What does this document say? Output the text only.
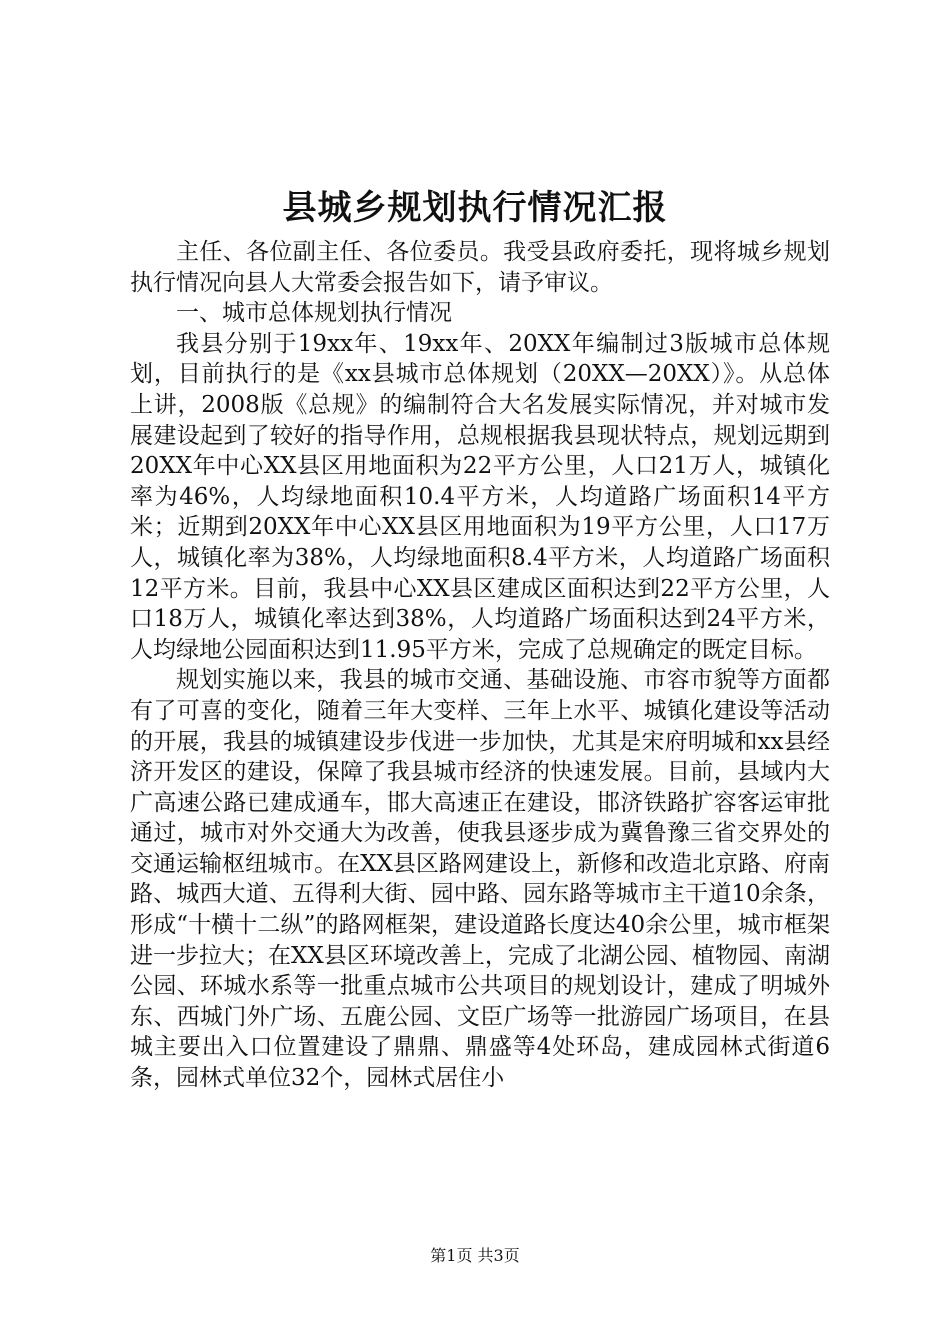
县城乡规划执行情况汇报

主任、各位副主任、各位委员。我受县政府委托，现将城乡规划执行情况向县人大常委会报告如下，请予审议。

一、城市总体规划执行情况

我县分别于19xx年、19xx年、20XX年编制过3版城市总体规划，目前执行的是《xx县城市总体规划（20XX—20XX）》。从总体上讲，2008版《总规》的编制符合大名发展实际情况，并对城市发展建设起到了较好的指导作用，总规根据我县现状特点，规划远期到20XX年中心XX县区用地面积为22平方公里，人口21万人，城镇化率为46%，人均绿地面积10.4平方米，人均道路广场面积14平方米；近期到20XX年中心XX县区用地面积为19平方公里，人口17万人，城镇化率为38%，人均绿地面积8.4平方米，人均道路广场面积12平方米。目前，我县中心XX县区建成区面积达到22平方公里，人口18万人，城镇化率达到38%，人均道路广场面积达到24平方米，人均绿地公园面积达到11.95平方米，完成了总规确定的既定目标。

规划实施以来，我县的城市交通、基础设施、市容市貌等方面都有了可喜的变化，随着三年大变样、三年上水平、城镇化建设等活动的开展，我县的城镇建设步伐进一步加快，尤其是宋府明城和xx县经济开发区的建设，保障了我县城市经济的快速发展。目前，县域内大广高速公路已建成通车，邯大高速正在建设，邯济铁路扩容客运审批通过，城市对外交通大为改善，使我县逐步成为冀鲁豫三省交界处的交通运输枢纽城市。在XX县区路网建设上，新修和改造北京路、府南路、城西大道、五得利大街、园中路、园东路等城市主干道10余条，形成“十横十二纵”的路网框架，建设道路长度达40余公里，城市框架进一步拉大；在XX县区环境改善上，完成了北湖公园、植物园、南湖公园、环城水系等一批重点城市公共项目的规划设计，建成了明城外东、西城门外广场、五鹿公园、文臣广场等一批游园广场项目，在县城主要出入口位置建设了鼎鼎、鼎盛等4处环岛，建成园林式街道6条，园林式单位32个，园林式居住小

第1页 共3页
